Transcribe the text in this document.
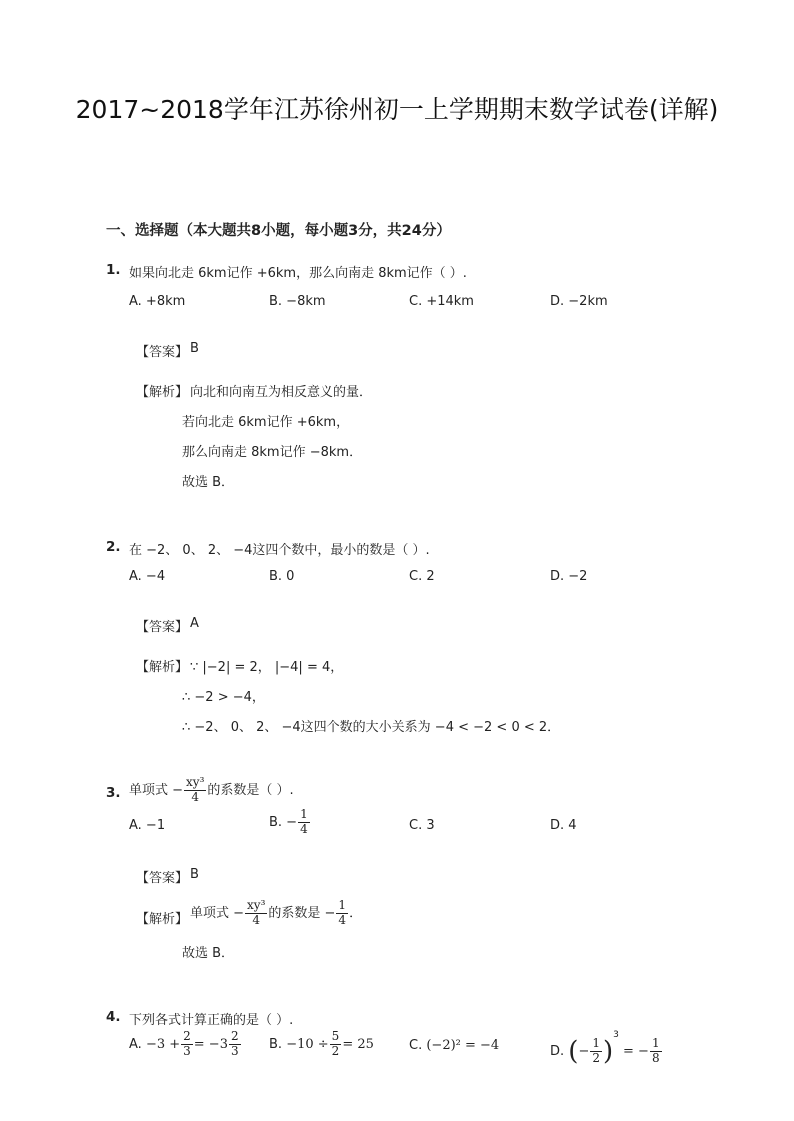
2017~2018学年江苏徐州初一上学期期末数学试卷(详解)
一、选择题（本大题共8小题，每小题3分，共24分）
1. 如果向北走 6km记作 +6km，那么向南走 8km记作（ ）.
A. +8km	B. −8km	C. +14km	D. −2km
【答案】 B
【解析】 向北和向南互为相反意义的量．
若向北走 6km记作 +6km，
那么向南走 8km记作 −8km．
故选 B．
2. 在 −2、 0、 2、 −4这四个数中，最小的数是（ ）.
A. −4	B. 0	C. 2	D. −2
【答案】 A
【解析】 ∵ |−2| = 2， |−4| = 4，
∴ −2 > −4，
∴ −2、 0、 2、 −4这四个数的大小关系为 −4 < −2 < 0 < 2．
3. 单项式 − $\frac{\text{xy³}}{4}$ 的系数是（ ）.
A. −1	B. − $\frac{1}{4}$	C. 3	D. 4
【答案】 B
【解析】 单项式 − $\frac{\text{xy³}}{4}$ 的系数是 − $\frac{1}{4}$ ．
故选 B．
4. 下列各式计算正确的是（ ）.
A. $-3 + \frac{2}{3} = -3 \frac{2}{3} B$. $-10 \div \frac{5}{2} = 25$	C. (−2)² = −4	D. (− $\frac{1}{2} )^3$ = − $\frac{1}{8}$
